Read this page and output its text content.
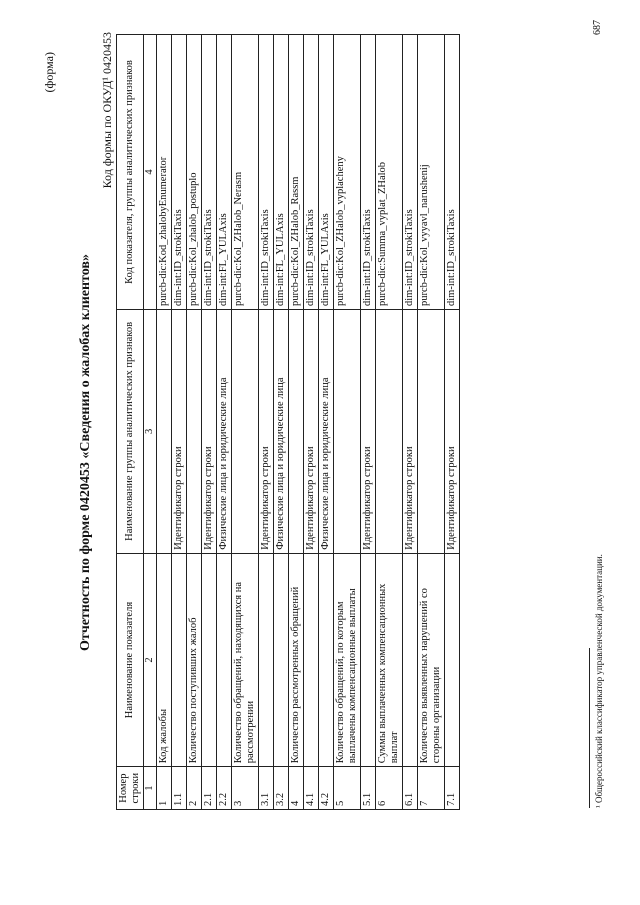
(форма)
Отчетность по форме 0420453 «Сведения о жалобах клиентов»
Код формы по ОКУД¹ 0420453
Номер строки	Наименование показателя	Наименование группы аналитических признаков	Код показателя, группы аналитических признаков
1	2	3	4
1	Код жалобы		purcb-dic:Kod_zhalobyEnumerator
1.1		Идентификатор строки	dim-int:ID_strokiTaxis
2	Количество поступивших жалоб		purcb-dic:Kol_zhalob_postuplo
2.1		Идентификатор строки	dim-int:ID_strokiTaxis
2.2		Физические лица и юридические лица	dim-int:FL_YULAxis
3	Количество обращений, находящихся на рассмотрении		purcb-dic:Kol_ZHalob_Nerasm
3.1		Идентификатор строки	dim-int:ID_strokiTaxis
3.2		Физические лица и юридические лица	dim-int:FL_YULAxis
4	Количество рассмотренных обращений		purcb-dic:Kol_ZHalob_Rassm
4.1		Идентификатор строки	dim-int:ID_strokiTaxis
4.2		Физические лица и юридические лица	dim-int:FL_YULAxis
5	Количество обращений, по которым выплачены компенсационные выплаты		purcb-dic:Kol_ZHalob_vyplacheny
5.1		Идентификатор строки	dim-int:ID_strokiTaxis
6	Суммы выплаченных компенсационных выплат		purcb-dic:Summa_vyplat_ZHalob
6.1		Идентификатор строки	dim-int:ID_strokiTaxis
7	Количество выявленных нарушений со стороны организации		purcb-dic:Kol_vyyavl_narushenij
7.1		Идентификатор строки	dim-int:ID_strokiTaxis
¹ Общероссийский классификатор управленческой документации.
687
